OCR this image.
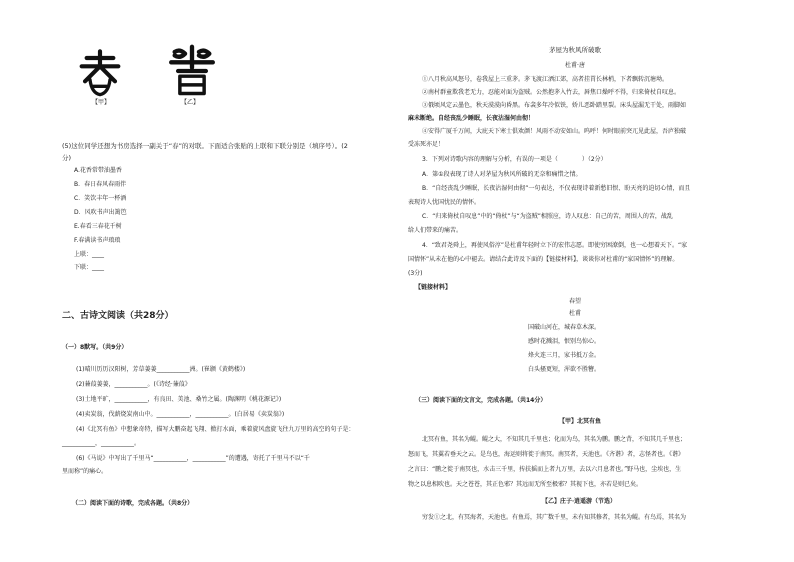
【甲】	【乙】
(5)这位同学还想为书房选择一副关于“春”的对联。下面适合张贴的上联和下联分别是（填序号）。(2
分)
A.花香常带油墨香
B．春日春风春雨伴
C．笑饮丰年一杯酒
D．风吹书声出篱笆
E.春看三春花千树
F.春满读书声琅琅
上联：____
下联：____
二、古诗文阅读（共28分）
（一）8默写。（共9分）
(1)晴川历历汉阳树，芳草萋萋___________洲。(崔颢《黄鹤楼》)
(2)蒹葭萋萋，___________。(《诗经·蒹葭》
(3)土地平旷，___________，有良田、美池、桑竹之属。(陶渊明《桃花源记》)
(4)卖炭翁，伐薪烧炭南山中。___________，___________。(白居易《卖炭翁》)
(4)《北冥有鱼》中想象奇特，描写大鹏奋起飞翔、掀打水面，乘着旋风盘旋飞往九万里的高空的句子是：
___________，___________。
(6)《马说》中写出了千里马“___________，___________”的遭遇，寄托了千里马不以“千
里而称”的痛心。
（二）阅读下面的诗歌，完成各题。（共8分）
茅屋为秋风所破歌
杜甫·唐
①八月秋高风怒号，卷我屋上三重茅。茅飞渡江洒江郊，高者挂罥长林梢，下者飘转沉塘坳。
②南村群童欺我老无力，忍能对面为盗贼。公然抱茅入竹去，唇焦口燥呼不得，归来倚杖自叹息。
③俄顷风定云墨色，秋天漠漠向昏黑。布衾多年冷似铁，娇儿恶卧踏里裂。床头屋漏无干处，雨脚如
麻未断绝。自经丧乱少睡眠，长夜沾湿何由彻！
④安得广厦千万间，大庇天下寒士俱欢颜！风雨不动安如山。呜呼！何时眼前突兀见此屋，吾庐独破
受冻死亦足！
3．下列对诗歌内容的理解与分析，有误的一项是（　　　　）（2分）
A．第①段表现了诗人对茅屋为秋风所破的无奈和痛惜之情。
B．“自经丧乱少睡眠，长夜沾湿何由彻”一句表达，不仅表现诗着新愁旧恨、盼天亮的迫切心情，而且
表现诗人忧国忧民的情怀。
C．“归来倚杖自叹息”中的“倚杖”与“为盗贼”相照应，诗人叹息：自己的苦，周围人的苦，战乱
给人们带来的痛苦。
4．“致君尧舜上，再使风俗淳”是杜甫年轻时立下的宏伟志愿。即使穷困潦倒，也一心想着天下。“家
国情怀”从未在他的心中褪去。请结合此诗及下面的【链接材料】，谈谈你对杜甫的“家国情怀”的理解。
(3分)
【链接材料】
春望
杜甫
国破山河在，城春草木深。
感时花溅泪，恨别鸟惊心。
烽火连三月，家书抵万金。
白头搔更短，浑欲不胜簪。
（三）阅读下面的文言文，完成各题。（共14分）
【甲】北冥有鱼
北冥有鱼，其名为鲲。鲲之大，不知其几千里也；化而为鸟，其名为鹏。鹏之背，不知其几千里也；
怒而飞，其翼若垂天之云。是鸟也，海运则将徙于南冥。南冥者，天池也。《齐谐》者，志怪者也。《谐》
之言曰：“鹏之徙于南冥也，水击三千里，抟扶摇而上者九万里，去以六月息者也。”野马也，尘埃也，生
物之以息相吹也。天之苍苍，其正色邪？其远而无所至极邪？其视下也，亦若是则已矣。
【乙】庄子·逍遥游（节选）
穷发①之北，有冥海者，天池也。有鱼焉，其广数千里，未有知其修者，其名为鲲。有鸟焉，其名为
